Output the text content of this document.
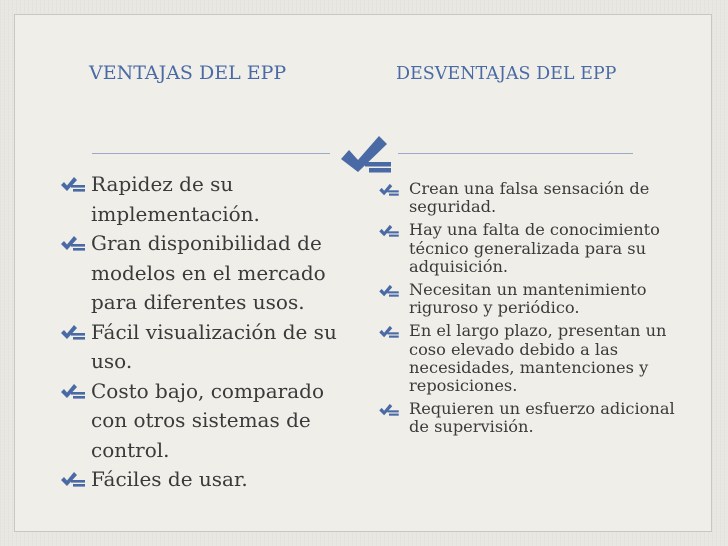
VENTAJAS DEL EPP	DESVENTAJAS DEL EPP
Rapidez de su implementación.
Gran disponibilidad de modelos en el mercado para diferentes usos.
Fácil visualización de su uso.
Costo bajo, comparado con otros sistemas de control.
Fáciles de usar.
Crean una falsa sensación de seguridad.
Hay una falta de conocimiento técnico generalizada para su adquisición.
Necesitan un mantenimiento riguroso y periódico.
En el largo plazo, presentan un coso elevado debido a las necesidades, mantenciones y reposiciones.
Requieren un esfuerzo adicional de supervisión.
